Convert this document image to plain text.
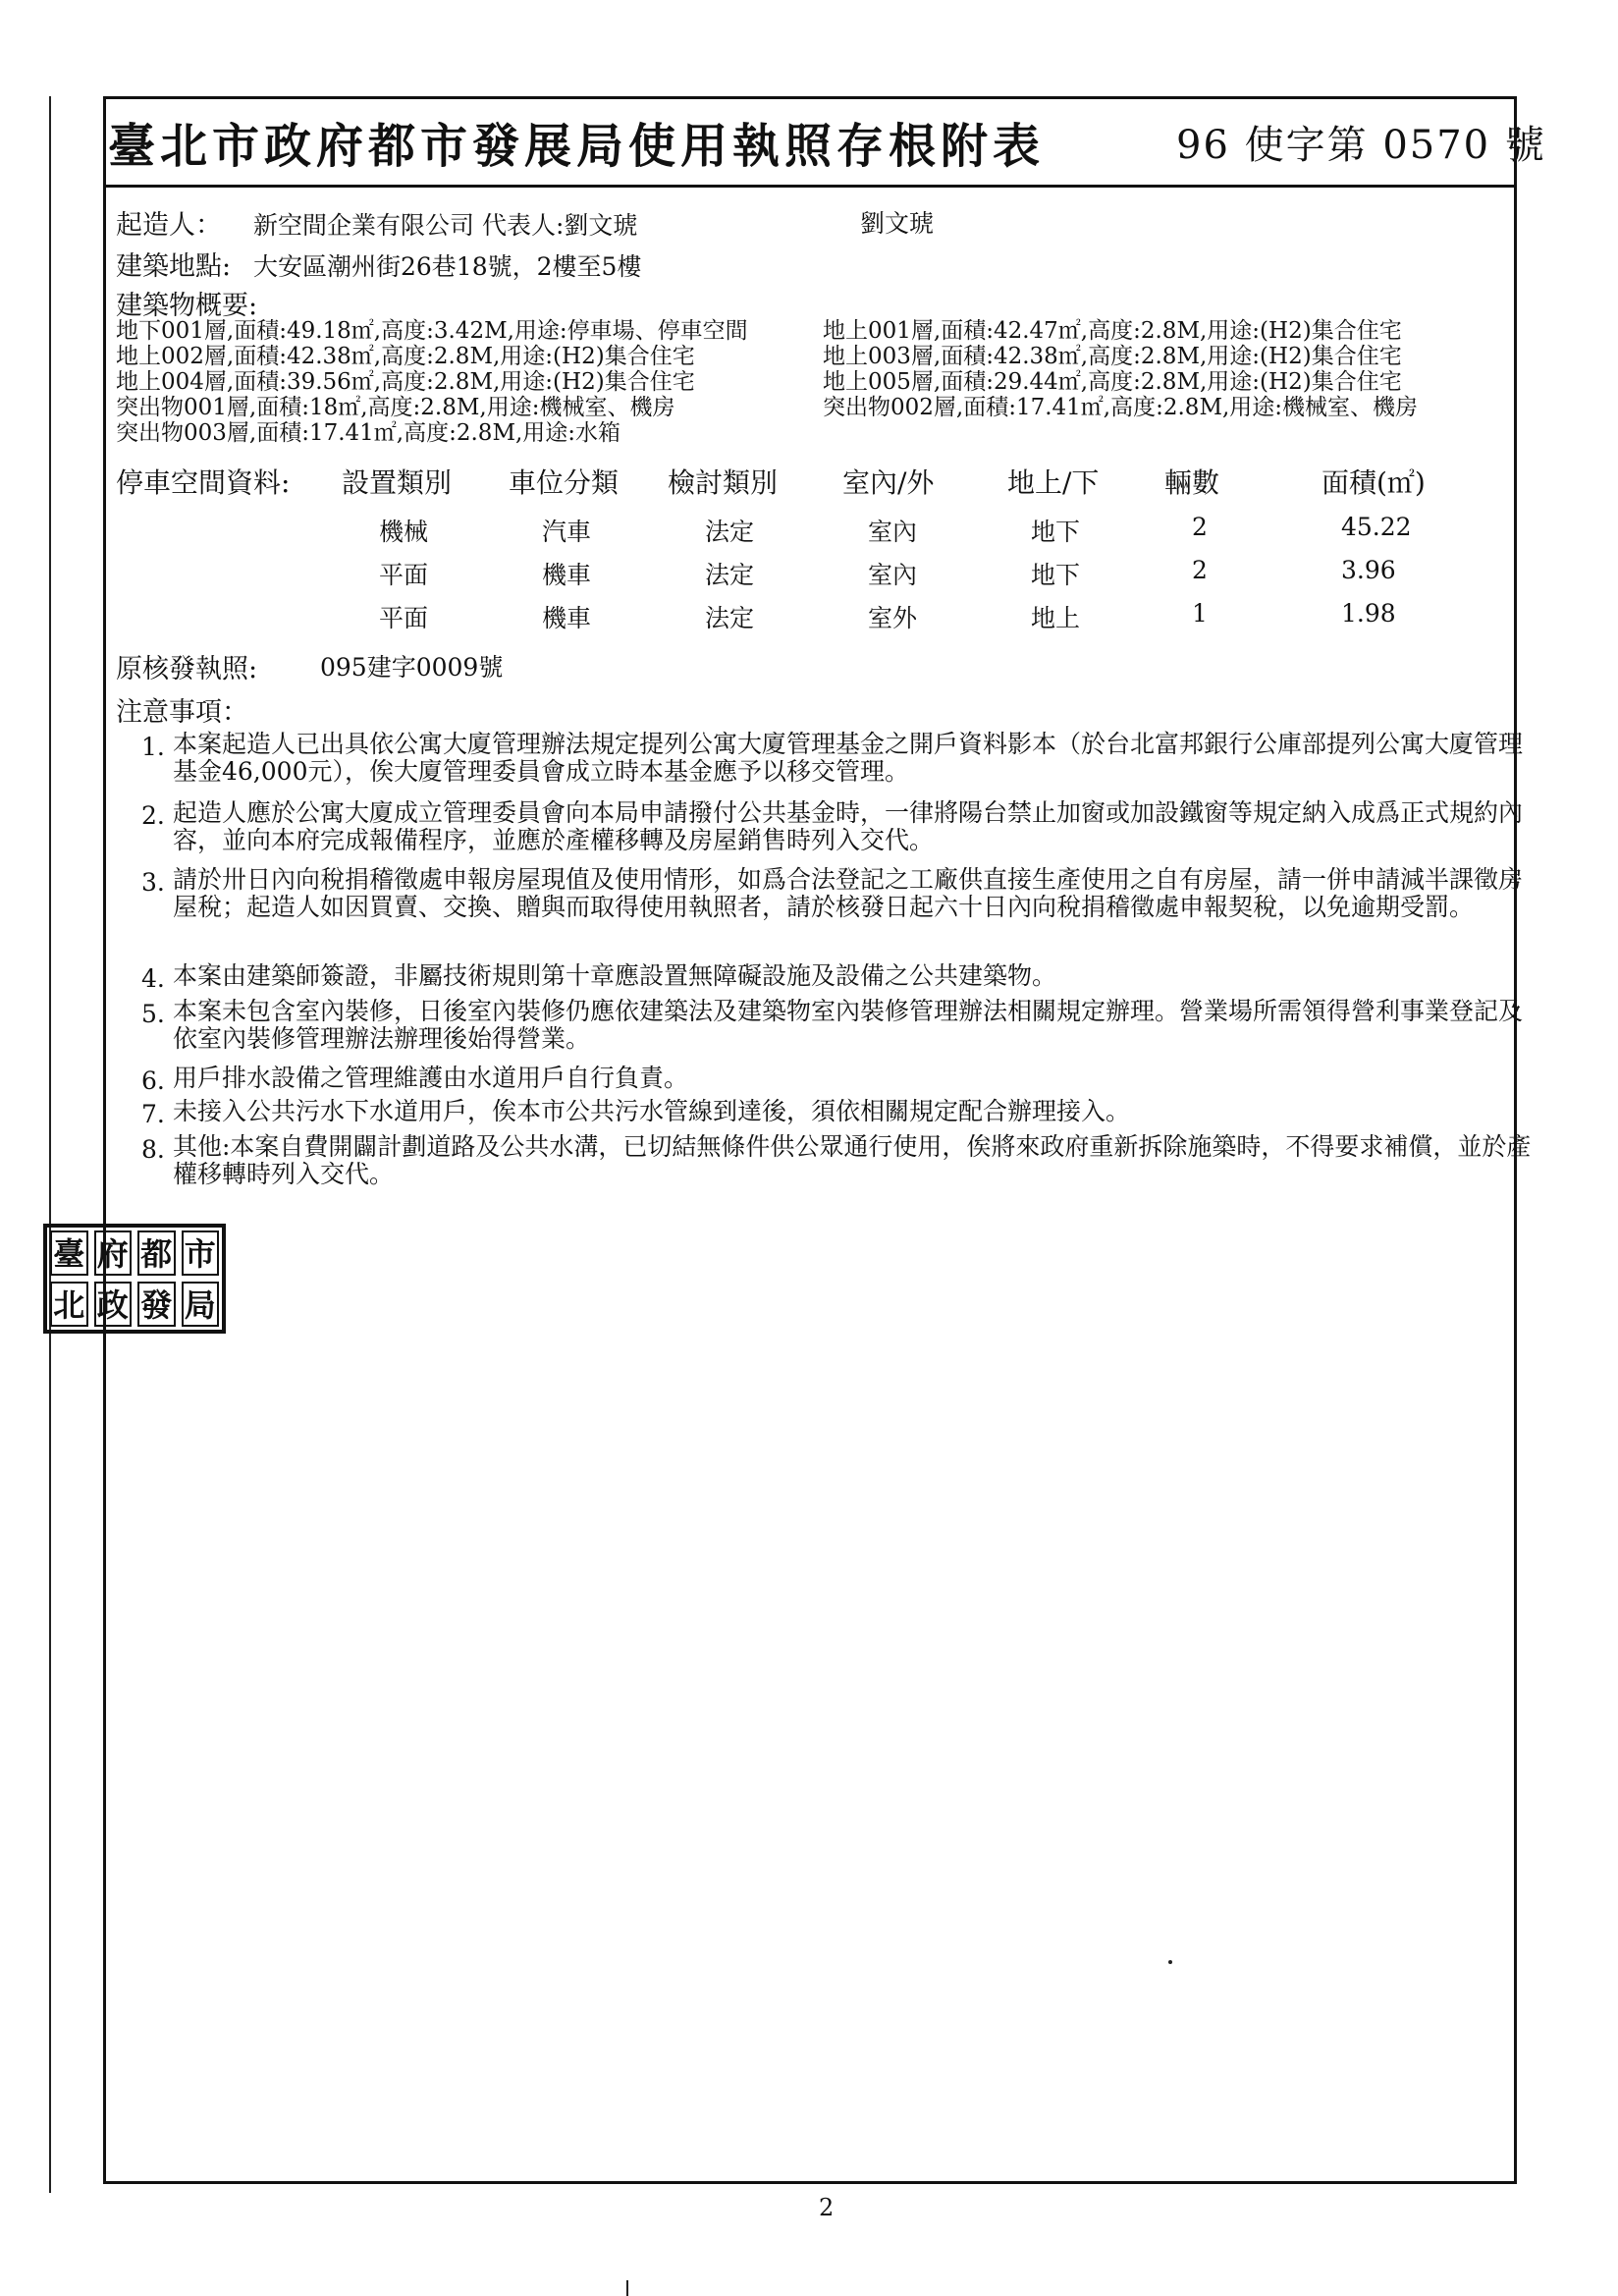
臺北市政府都市發展局使用執照存根附表	96 使字第 0570 號
起造人： 新空間企業有限公司 代表人:劉文琥	劉文琥
建築地點: 大安區潮州街26巷18號，2樓至5樓
建築物概要:
地下001層,面積:49.18㎡,高度:3.42M,用途:停車場、停車空間
地上002層,面積:42.38㎡,高度:2.8M,用途:(H2)集合住宅
地上004層,面積:39.56㎡,高度:2.8M,用途:(H2)集合住宅
突出物001層,面積:18㎡,高度:2.8M,用途:機械室、機房
突出物003層,面積:17.41㎡,高度:2.8M,用途:水箱
地上001層,面積:42.47㎡,高度:2.8M,用途:(H2)集合住宅
地上003層,面積:42.38㎡,高度:2.8M,用途:(H2)集合住宅
地上005層,面積:29.44㎡,高度:2.8M,用途:(H2)集合住宅
突出物002層,面積:17.41㎡,高度:2.8M,用途:機械室、機房
停車空間資料: 設置類別 車位分類 檢討類別 室內/外	地上/下 輛數	面積(㎡)
機械	汽車	法定	室內	地下	2	45.22
平面	機車	法定	室內	地下	2	3.96
平面	機車	法定	室外	地上	1	1.98
原核發執照:	095建字0009號
注意事項：
1. 本案起造人已出具依公寓大廈管理辦法規定提列公寓大廈管理基金之開戶資料影本（於台北富邦銀行公庫部提列公寓大廈管理基金46,000元），俟大廈管理委員會成立時本基金應予以移交管理。
2. 起造人應於公寓大廈成立管理委員會向本局申請撥付公共基金時，一律將陽台禁止加窗或加設鐵窗等規定納入成爲正式規約內容，並向本府完成報備程序，並應於產權移轉及房屋銷售時列入交代。
3. 請於卅日內向稅捐稽徵處申報房屋現值及使用情形，如爲合法登記之工廠供直接生產使用之自有房屋，請一併申請減半課徵房屋稅；起造人如因買賣、交換、贈與而取得使用執照者，請於核發日起六十日內向稅捐稽徵處申報契稅，以免逾期受罰。
4. 本案由建築師簽證，非屬技術規則第十章應設置無障礙設施及設備之公共建築物。
5. 本案未包含室內裝修，日後室內裝修仍應依建築法及建築物室內裝修管理辦法相關規定辦理。營業場所需領得營利事業登記及依室內裝修管理辦法辦理後始得營業。
6. 用戶排水設備之管理維護由水道用戶自行負責。
7. 未接入公共污水下水道用戶，俟本市公共污水管線到達後，須依相關規定配合辦理接入。
8. 其他:本案自費開闢計劃道路及公共水溝，已切結無條件供公眾通行使用，俟將來政府重新拆除施築時，不得要求補償，並於產權移轉時列入交代。
臺 府 都 市
北 政 發 局
2
